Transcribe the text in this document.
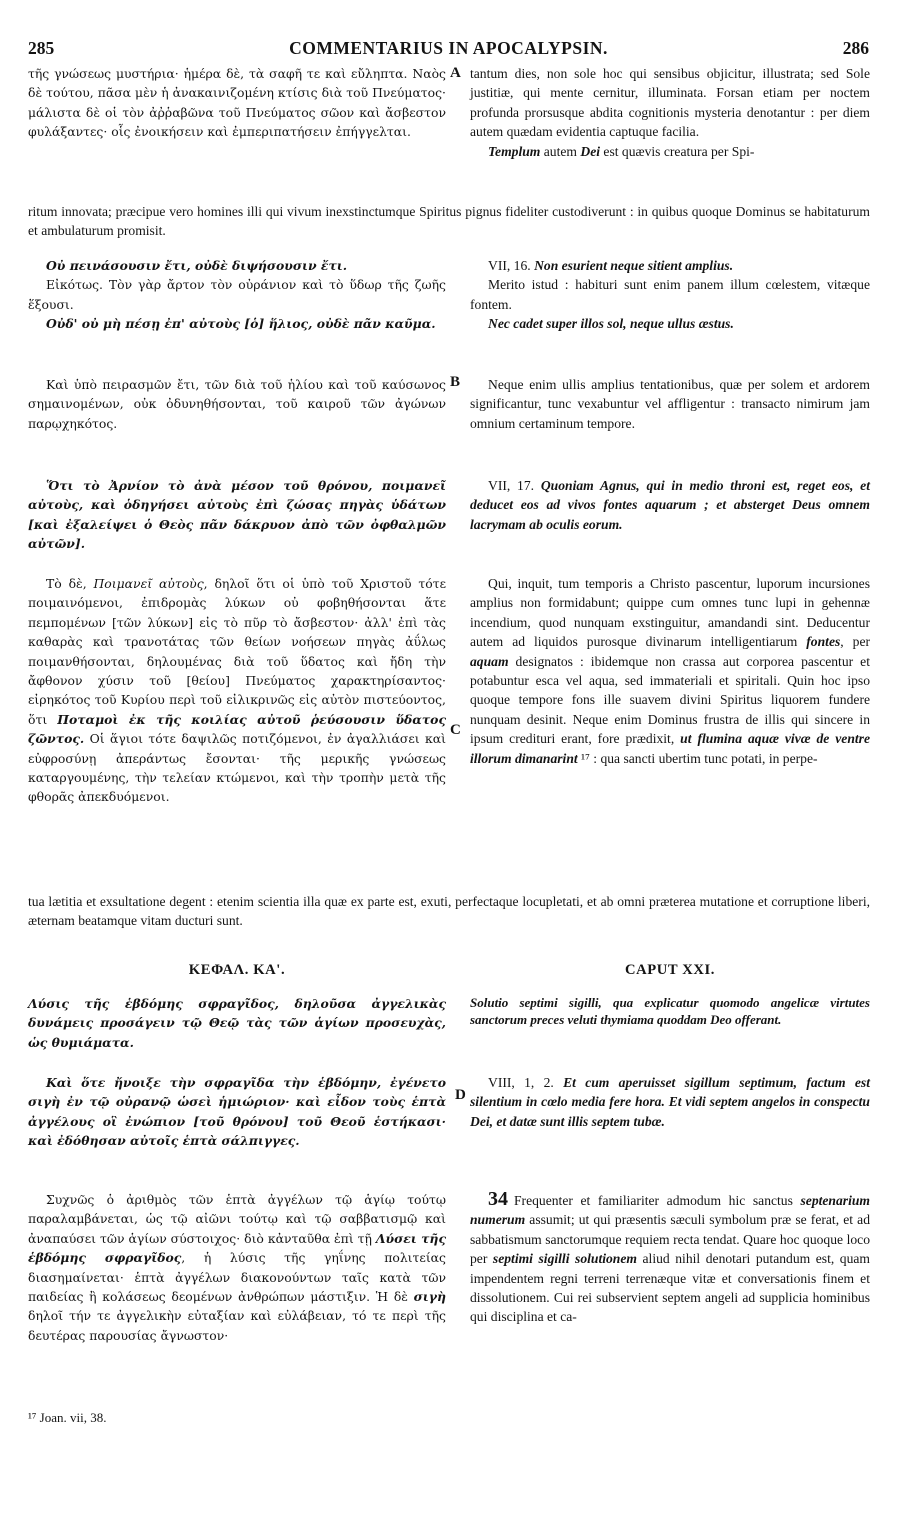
285	COMMENTARIUS IN APOCALYPSIN.	286
A
B
C
D

τῆς γνώσεως μυστήρια· ἡμέρα δὲ, τὰ σαφῆ τε καὶ εὔληπτα. Ναὸς δὲ τούτου, πᾶσα μὲν ἡ ἀνακαινιζομένη κτίσις διὰ τοῦ Πνεύματος· μάλιστα δὲ οἱ τὸν ἀῤῥαβῶνα τοῦ Πνεύματος σῶον καὶ ἄσβεστον φυλάξαντες· οἷς ἐνοικήσειν καὶ ἐμπεριπατήσειν ἐπήγγελται.

tantum dies, non sole hoc qui sensibus objicitur, illustrata; sed Sole justitiæ, qui mente cernitur, illuminata. Forsan etiam per noctem profunda prorsusque abdita cognitionis mysteria denotantur : per diem autem quædam evidentia captuque facilia.

Templum autem Dei est quævis creatura per Spi-

ritum innovata; præcipue vero homines illi qui vivum inexstinctumque Spiritus pignus fideliter custodiverunt : in quibus quoque Dominus se habitaturum et ambulaturum promisit.

Οὐ πεινάσουσιν ἔτι, οὐδὲ διψήσουσιν ἔτι.

Εἰκότως. Τὸν γὰρ ἄρτον τὸν οὐράνιον καὶ τὸ ὕδωρ τῆς ζωῆς ἕξουσι.

Οὐδ' οὐ μὴ πέσῃ ἐπ' αὐτοὺς [ὁ] ἥλιος, οὐδὲ πᾶν καῦμα.

VII, 16. Non esurient neque sitient amplius.

Merito istud : habituri sunt enim panem illum cœlestem, vitæque fontem.

Nec cadet super illos sol, neque ullus æstus.

Καὶ ὑπὸ πειρασμῶν ἔτι, τῶν διὰ τοῦ ἡλίου καὶ τοῦ καύσωνος σημαινομένων, οὐκ ὀδυνηθήσονται, τοῦ καιροῦ τῶν ἀγώνων παρῳχηκότος.

Neque enim ullis amplius tentationibus, quæ per solem et ardorem significantur, tunc vexabuntur vel affligentur : transacto nimirum jam omnium certaminum tempore.

Ὅτι τὸ Ἀρνίον τὸ ἀνὰ μέσον τοῦ θρόνου, ποιμανεῖ αὐτοὺς, καὶ ὁδηγήσει αὐτοὺς ἐπὶ ζώσας πηγὰς ὑδάτων [καὶ ἐξαλείψει ὁ Θεὸς πᾶν δάκρυον ἀπὸ τῶν ὀφθαλμῶν αὐτῶν].

VII, 17. Quoniam Agnus, qui in medio throni est, reget eos, et deducet eos ad vivos fontes aquarum ; et absterget Deus omnem lacrymam ab oculis eorum.

Τὸ δὲ, Ποιμανεῖ αὐτοὺς, δηλοῖ ὅτι οἱ ὑπὸ τοῦ Χριστοῦ τότε ποιμαινόμενοι, ἐπιδρομὰς λύκων οὐ φοβηθήσονται ἅτε πεμπομένων [τῶν λύκων] εἰς τὸ πῦρ τὸ ἄσβεστον· ἀλλ' ἐπὶ τὰς καθαρὰς καὶ τρανοτάτας τῶν θείων νοήσεων πηγὰς ἀΰλως ποιμανθήσονται, δηλουμένας διὰ τοῦ ὕδατος καὶ ἤδη τὴν ἄφθονον χύσιν τοῦ [θείου] Πνεύματος χαρακτηρίσαντος· εἰρηκότος τοῦ Κυρίου περὶ τοῦ εἰλικρινῶς εἰς αὐτὸν πιστεύοντος, ὅτι Ποταμοὶ ἐκ τῆς κοιλίας αὐτοῦ ῥεύσουσιν ὕδατος ζῶντος. Οἱ ἅγιοι τότε δαψιλῶς ποτιζόμενοι, ἐν ἀγαλλιάσει καὶ εὐφροσύνῃ ἀπεράντως ἔσονται· τῆς μερικῆς γνώσεως καταργουμένης, τὴν τελείαν κτώμενοι, καὶ τὴν τροπὴν μετὰ τῆς φθορᾶς ἀπεκδυόμενοι.

Qui, inquit, tum temporis a Christo pascentur, luporum incursiones amplius non formidabunt; quippe cum omnes tunc lupi in gehennæ incendium, quod nunquam exstinguitur, amandandi sint. Deducentur autem ad liquidos purosque divinarum intelligentiarum fontes, per aquam designatos : ibidemque non crassa aut corporea pascentur et potabuntur esca vel aqua, sed immateriali et spiritali. Quin hoc ipso quoque tempore fons ille suavem divini Spiritus liquorem fundere nunquam desinit. Neque enim Dominus frustra de illis qui sincere in ipsum credituri erant, fore prædixit, ut flumina aquæ vivæ de ventre illorum dimanarint ¹⁷ : qua sancti ubertim tunc potati, in perpe-

tua lætitia et exsultatione degent : etenim scientia illa quæ ex parte est, exuti, perfectaque locupletati, et ab omni præterea mutatione et corruptione liberi, æternam beatamque vitam ducturi sunt.

ΚΕΦΑΛ. ΚΑ'.	CAPUT XXI.

Λύσις τῆς ἑβδόμης σφραγῖδος, δηλοῦσα ἀγγελικὰς δυνάμεις προσάγειν τῷ Θεῷ τὰς τῶν ἁγίων προσευχὰς, ὡς θυμιάματα.

Solutio septimi sigilli, qua explicatur quomodo angelicæ virtutes sanctorum preces veluti thymiama quoddam Deo offerant.

Καὶ ὅτε ἤνοιξε τὴν σφραγῖδα τὴν ἑβδόμην, ἐγένετο σιγὴ ἐν τῷ οὐρανῷ ὡσεὶ ἡμιώριον· καὶ εἶδον τοὺς ἑπτὰ ἀγγέλους οἳ ἐνώπιον [τοῦ θρόνου] τοῦ Θεοῦ ἑστήκασι· καὶ ἐδόθησαν αὐτοῖς ἑπτὰ σάλπιγγες.

VIII, 1, 2. Et cum aperuisset sigillum septimum, factum est silentium in cœlo media fere hora. Et vidi septem angelos in conspectu Dei, et datæ sunt illis septem tubæ.

Συχνῶς ὁ ἀριθμὸς τῶν ἑπτὰ ἀγγέλων τῷ ἁγίῳ τούτῳ παραλαμβάνεται, ὡς τῷ αἰῶνι τούτῳ καὶ τῷ σαββατισμῷ καὶ ἀναπαύσει τῶν ἁγίων σύστοιχος· διὸ κἀνταῦθα ἐπὶ τῇ Λύσει τῆς ἑβδόμης σφραγῖδος, ἡ λύσις τῆς γηΐνης πολιτείας διασημαίνεται· ἑπτὰ ἀγγέλων διακονούντων ταῖς κατὰ τῶν παιδείας ἢ κολάσεως δεομένων ἀνθρώπων μάστιξιν. Ἡ δὲ σιγὴ δηλοῖ τήν τε ἀγγελικὴν εὐταξίαν καὶ εὐλάβειαν, τό τε περὶ τῆς δευτέρας παρουσίας ἄγνωστον·

34 Frequenter et familiariter admodum hic sanctus septenarium numerum assumit; ut qui præsentis sæculi symbolum præ se ferat, et ad sabbatismum sanctorumque requiem recta tendat. Quare hoc quoque loco per septimi sigilli solutionem aliud nihil denotari putandum est, quam impendentem regni terreni terrenæque vitæ et conversationis finem et dissolutionem. Cui rei subservient septem angeli ad supplicia hominibus qui disciplina et ca-

¹⁷ Joan. vii, 38.
